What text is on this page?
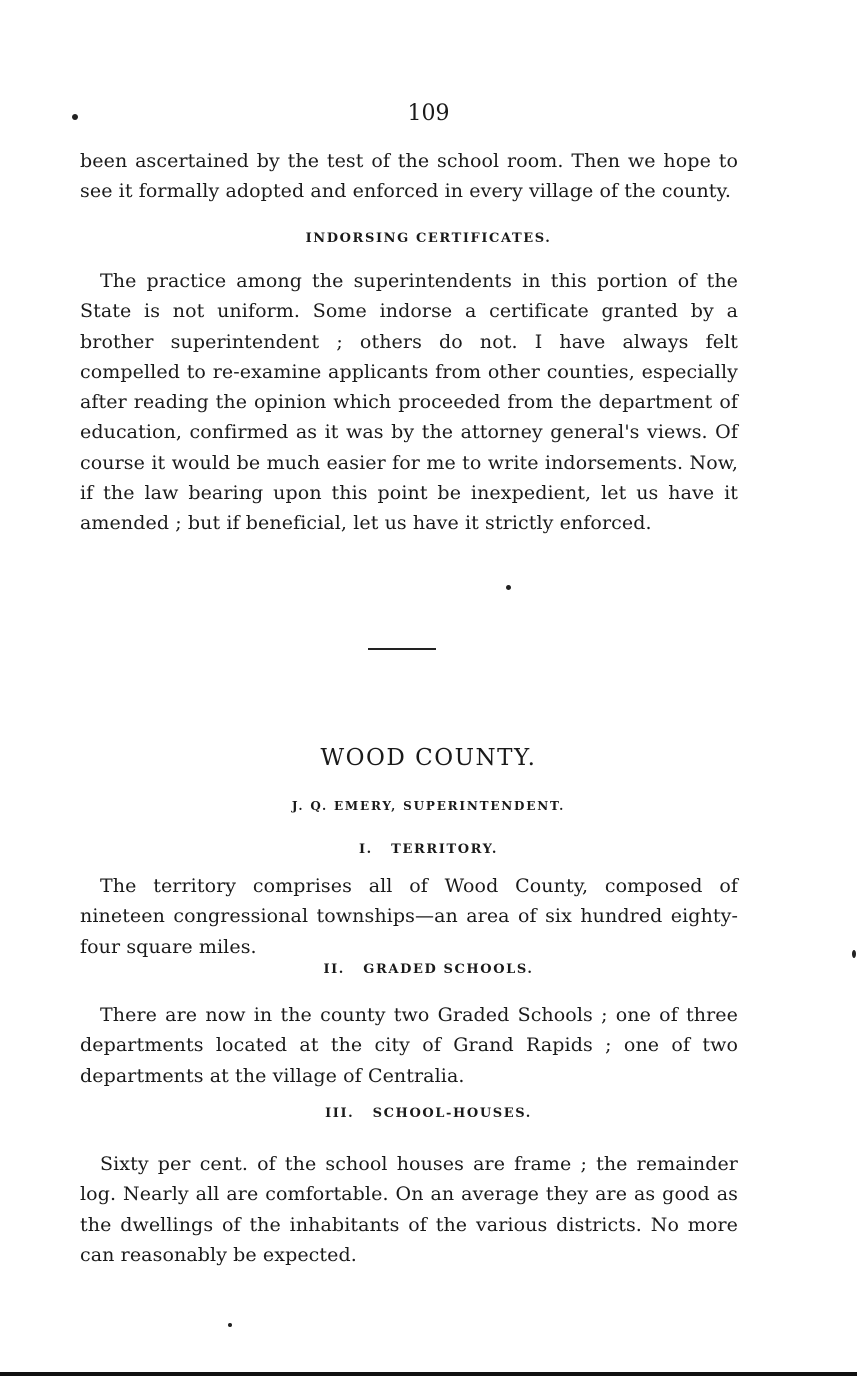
109

been ascertained by the test of the school room. Then we hope to see it formally adopted and enforced in every village of the county.

INDORSING CERTIFICATES.

The practice among the superintendents in this portion of the State is not uniform. Some indorse a certificate granted by a brother superintendent ; others do not. I have always felt compelled to re-examine applicants from other counties, especially after reading the opinion which proceeded from the department of education, confirmed as it was by the attorney general's views. Of course it would be much easier for me to write indorsements. Now, if the law bearing upon this point be inexpedient, let us have it amended ; but if beneficial, let us have it strictly enforced.

WOOD COUNTY.
J. Q. EMERY, SUPERINTENDENT.
I.   TERRITORY.

The territory comprises all of Wood County, composed of nineteen congressional townships—an area of six hundred eighty-four square miles.

II.   GRADED SCHOOLS.

There are now in the county two Graded Schools ; one of three departments located at the city of Grand Rapids ; one of two departments at the village of Centralia.

III.   SCHOOL-HOUSES.

Sixty per cent. of the school houses are frame ; the remainder log. Nearly all are comfortable. On an average they are as good as the dwellings of the inhabitants of the various districts. No more can reasonably be expected.
